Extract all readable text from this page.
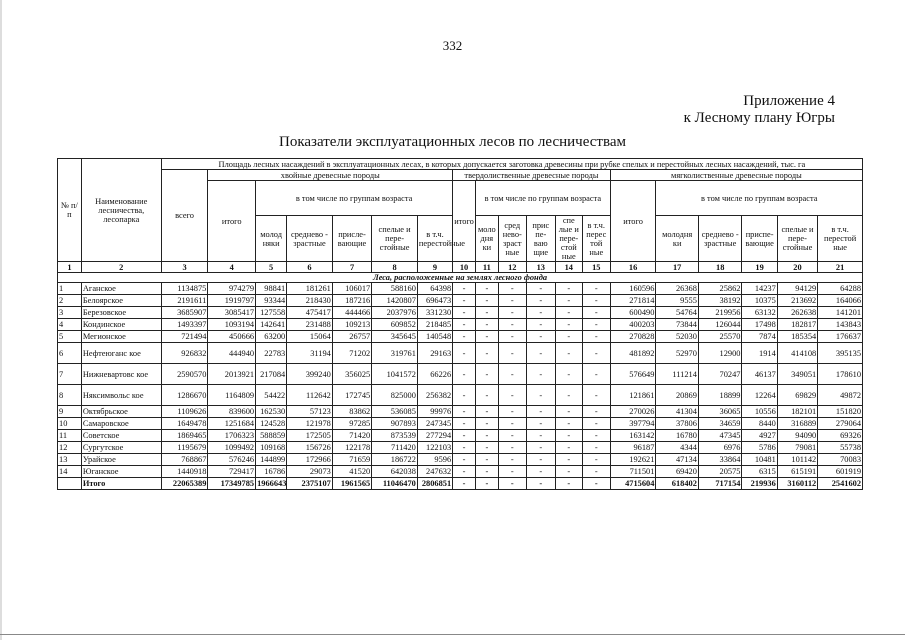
332
Приложение 4
к Лесному плану Югры
Показатели эксплуатационных лесов по лесничествам
№ п/п	Наименование лесничества, лесопарка	Площадь лесных насаждений в эксплуатационных лесах, в которых допускается заготовка древесины при рубке спелых и перестойных лесных насаждений, тыс. га																		
		всего	хвойные древесные породы						твердолиственные древесные породы						мягколиственные древесные породы					
			итого	в том числе по группам возраста					итого	в том числе по группам возраста					итого	в том числе по группам возраста				
				молод няки	среднево - зрастные	присле- вающие	спелые и пере- стойные	в т.ч. перестойные		моло дня ки	сред нево- зраст ные	прис пе- ваю щие	спе лые и пере- стой ные	в т.ч. перес той ные		молодня ки	среднево - зрастные	приспе- вающие	спелые и пере- стойные	в т.ч. перестой ные
1	2	3	4	5	6	7	8	9	10	11	12	13	14	15	16	17	18	19	20	21
Леса, расположенные на землях лесного фонда																				
1	Аганское	1134875	974279	98841	181261	106017	588160	64398	-	-	-	-	-	-	160596	26368	25862	14237	94129	64288
2	Белоярское	2191611	1919797	93344	218430	187216	1420807	696473	-	-	-	-	-	-	271814	9555	38192	10375	213692	164066
3	Березовское	3685907	3085417	127558	475417	444466	2037976	331230	-	-	-	-	-	-	600490	54764	219956	63132	262638	141201
4	Кондинское	1493397	1093194	142641	231488	109213	609852	218485	-	-	-	-	-	-	400203	73844	126044	17498	182817	143843
5	Мегионское	721494	450666	63200	15064	26757	345645	140548	-	-	-	-	-	-	270828	52030	25570	7874	185354	176637
6	Нефтеюганс кое	926832	444940	22783	31194	71202	319761	29163	-	-	-	-	-	-	481892	52970	12900	1914	414108	395135
7	Нижневартовс кое	2590570	2013921	217084	399240	356025	1041572	66226	-	-	-	-	-	-	576649	111214	70247	46137	349051	178610
8	Няксимвольс кое	1286670	1164809	54422	112642	172745	825000	256382	-	-	-	-	-	-	121861	20869	18899	12264	69829	49872
9	Октябрьское	1109626	839600	162530	57123	83862	536085	99976	-	-	-	-	-	-	270026	41304	36065	10556	182101	151820
10	Самаровское	1649478	1251684	124528	121978	97285	907893	247345	-	-	-	-	-	-	397794	37806	34659	8440	316889	279064
11	Советское	1869465	1706323	588859	172505	71420	873539	277294	-	-	-	-	-	-	163142	16780	47345	4927	94090	69326
12	Сургутское	1195679	1099492	109168	156726	122178	711420	122103	-	-	-	-	-	-	96187	4344	6976	5786	79081	55738
13	Урайское	768867	576246	144899	172966	71659	186722	9596	-	-	-	-	-	-	192621	47134	33864	10481	101142	70083
14	Юганское	1440918	729417	16786	29073	41520	642038	247632	-	-	-	-	-	-	711501	69420	20575	6315	615191	601919
	Итого	22065389	17349785	1966643	2375107	1961565	11046470	2806851	-	-	-	-	-	-	4715604	618402	717154	219936	3160112	2541602
